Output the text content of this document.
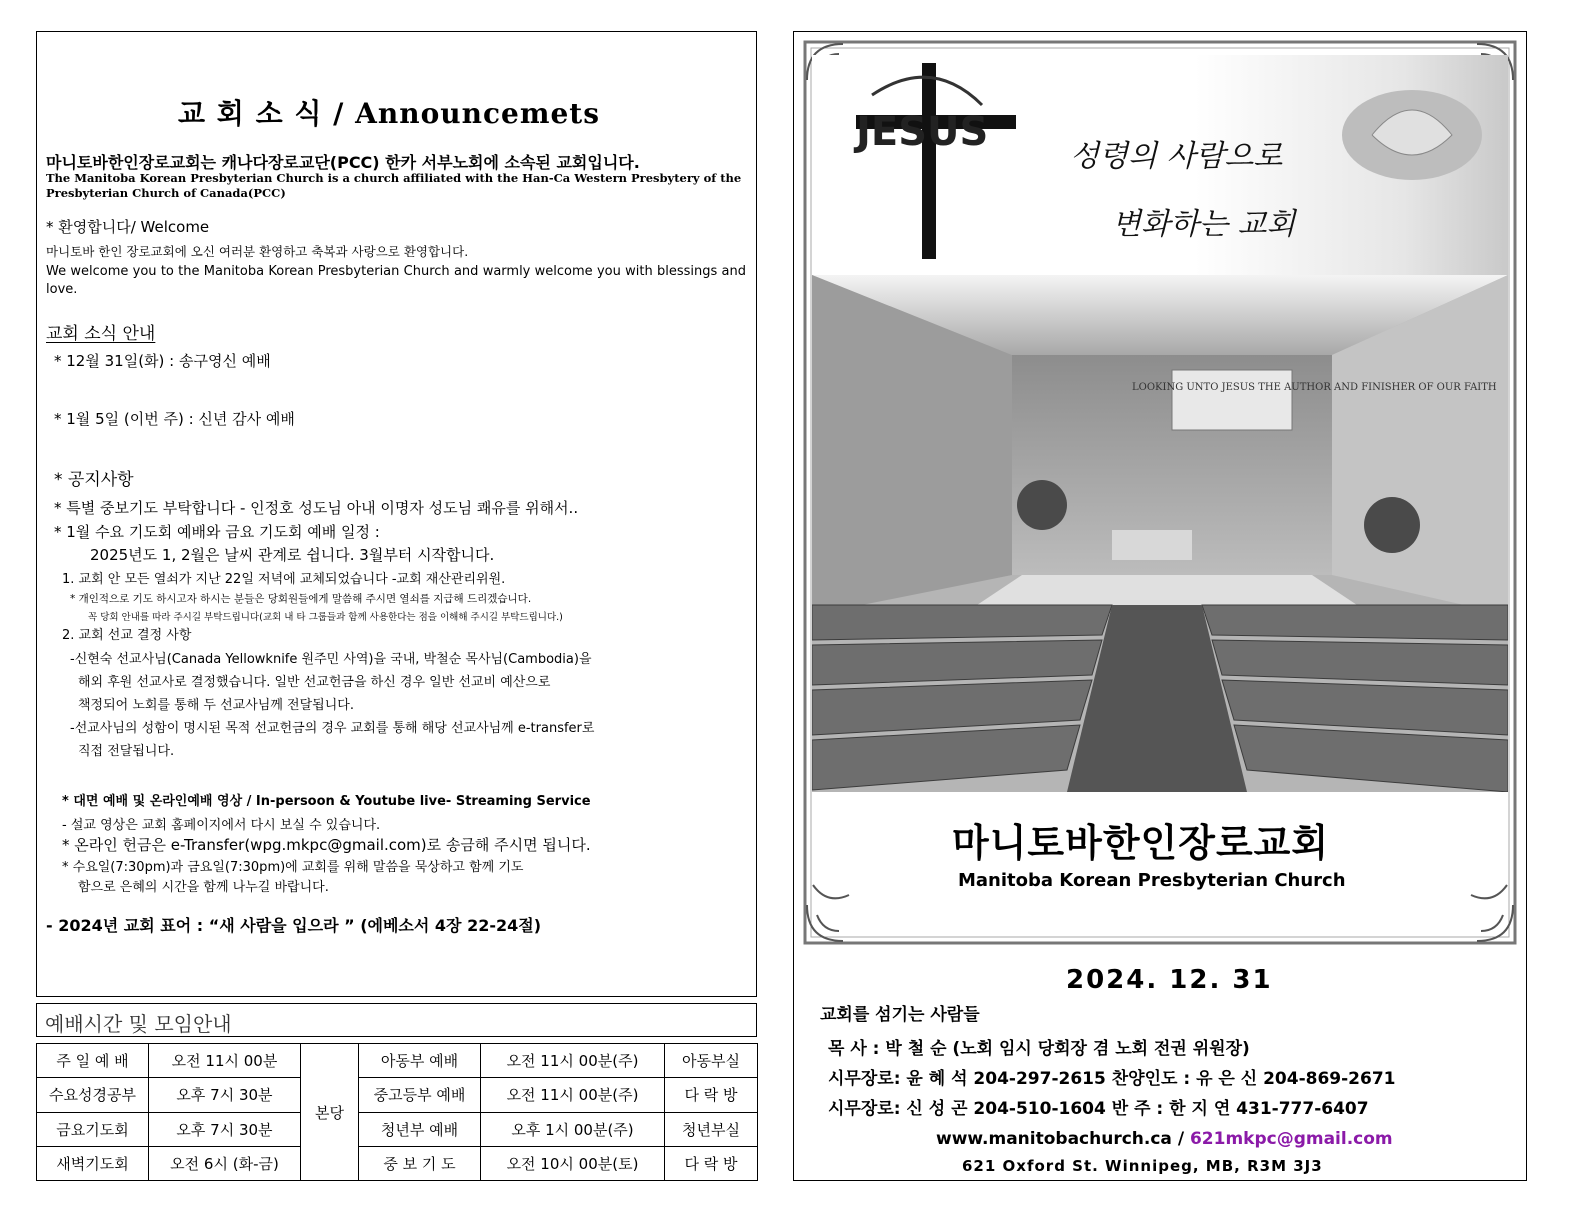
교 회 소 식 / Announcemets
마니토바한인장로교회는 캐나다장로교단(PCC) 한카 서부노회에 소속된 교회입니다.
The Manitoba Korean Presbyterian Church is a church affiliated with the Han-Ca Western Presbytery of the Presbyterian Church of Canada(PCC)
* 환영합니다/ Welcome
마니토바 한인 장로교회에 오신 여러분 환영하고 축복과 사랑으로 환영합니다.
We welcome you to the Manitoba Korean Presbyterian Church and warmly welcome you with blessings and love.
교회 소식 안내
* 12월 31일(화) : 송구영신 예배
* 1월 5일 (이번 주) : 신년 감사 예배
* 공지사항
* 특별 중보기도 부탁합니다 - 인정호 성도님 아내 이명자 성도님 쾌유를 위해서..
* 1월 수요 기도회 예배와 금요 기도회 예배 일정 :
2025년도 1, 2월은 날씨 관계로 쉽니다. 3월부터 시작합니다.
1. 교회 안 모든 열쇠가 지난 22일 저녁에 교체되었습니다 -교회 재산관리위원.
* 개인적으로 기도 하시고자 하시는 분들은 당회원들에게 말씀해 주시면 열쇠를 지급해 드리겠습니다.
꼭 당회 안내를 따라 주시길 부탁드립니다(교회 내 타 그룹들과 함께 사용한다는 점을 이해해 주시길 부탁드립니다.)
2. 교회 선교 결정 사항
-신현숙 선교사님(Canada Yellowknife 원주민 사역)을 국내, 박철순 목사님(Cambodia)을
해외 후원 선교사로 결정했습니다. 일반 선교헌금을 하신 경우 일반 선교비 예산으로
책정되어 노회를 통해 두 선교사님께 전달됩니다.
-선교사님의 성함이 명시된 목적 선교헌금의 경우 교회를 통해 해당 선교사님께 e-transfer로
직접 전달됩니다.
* 대면 예배 및 온라인예배 영상 / In-persoon & Youtube live- Streaming Service
- 설교 영상은 교회 홈페이지에서 다시 보실 수 있습니다.
* 온라인 헌금은 e-Transfer(wpg.mkpc@gmail.com)로 송금해 주시면 됩니다.
* 수요일(7:30pm)과 금요일(7:30pm)에 교회를 위해 말씀을 묵상하고 함께 기도
함으로 은혜의 시간을 함께 나누길 바랍니다.
- 2024년 교회 표어 : “새 사람을 입으라 ” (에베소서 4장 22-24절)
예배시간 및 모임안내
주 일 예 배	오전 11시 00분	본당	아동부 예배	오전 11시 00분(주)	아동부실
수요성경공부	오후 7시 30분		중고등부 예배	오전 11시 00분(주)	다 락 방
금요기도회	오후 7시 30분		청년부 예배	오후 1시 00분(주)	청년부실
새벽기도회	오전 6시 (화-금)		중 보 기 도	오전 10시 00분(토)	다 락 방
JESUS
성령의 사람으로
변화하는 교회
LOOKING UNTO JESUS THE AUTHOR AND FINISHER OF OUR FAITH
마니토바한인장로교회
Manitoba Korean Presbyterian Church
2024. 12. 31
교회를 섬기는 사람들
목 사 : 박 철 순 (노회 임시 당회장 겸 노회 전권 위원장)
시무장로: 윤 혜 석 204-297-2615 찬양인도 : 유 은 신 204-869-2671
시무장로: 신 성 곤 204-510-1604 반 주 : 한 지 연 431-777-6407
www.manitobachurch.ca / 621mkpc@gmail.com
621 Oxford St. Winnipeg, MB, R3M 3J3
